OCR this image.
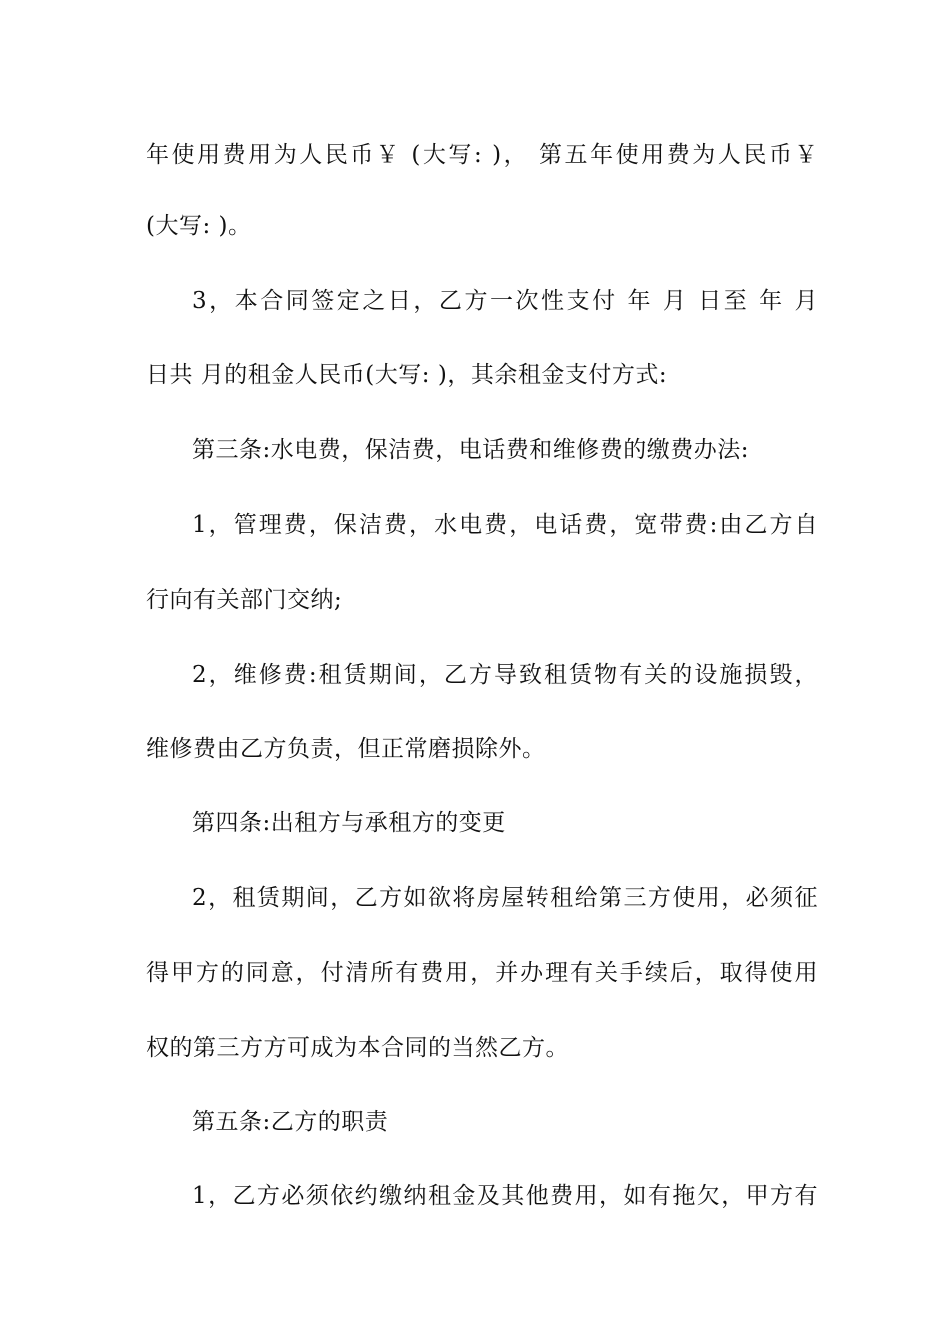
年使用费用为人民币￥ (大写: )， 第五年使用费为人民币￥
(大写: )。
3，本合同签定之日，乙方一次性支付 年 月 日至 年 月
日共 月的租金人民币(大写: )，其余租金支付方式:
第三条:水电费，保洁费，电话费和维修费的缴费办法:
1，管理费，保洁费，水电费，电话费，宽带费:由乙方自
行向有关部门交纳;
2，维修费:租赁期间，乙方导致租赁物有关的设施损毁，
维修费由乙方负责，但正常磨损除外。
第四条:出租方与承租方的变更
2，租赁期间，乙方如欲将房屋转租给第三方使用，必须征
得甲方的同意，付清所有费用，并办理有关手续后，取得使用
权的第三方方可成为本合同的当然乙方。
第五条:乙方的职责
1，乙方必须依约缴纳租金及其他费用，如有拖欠，甲方有
